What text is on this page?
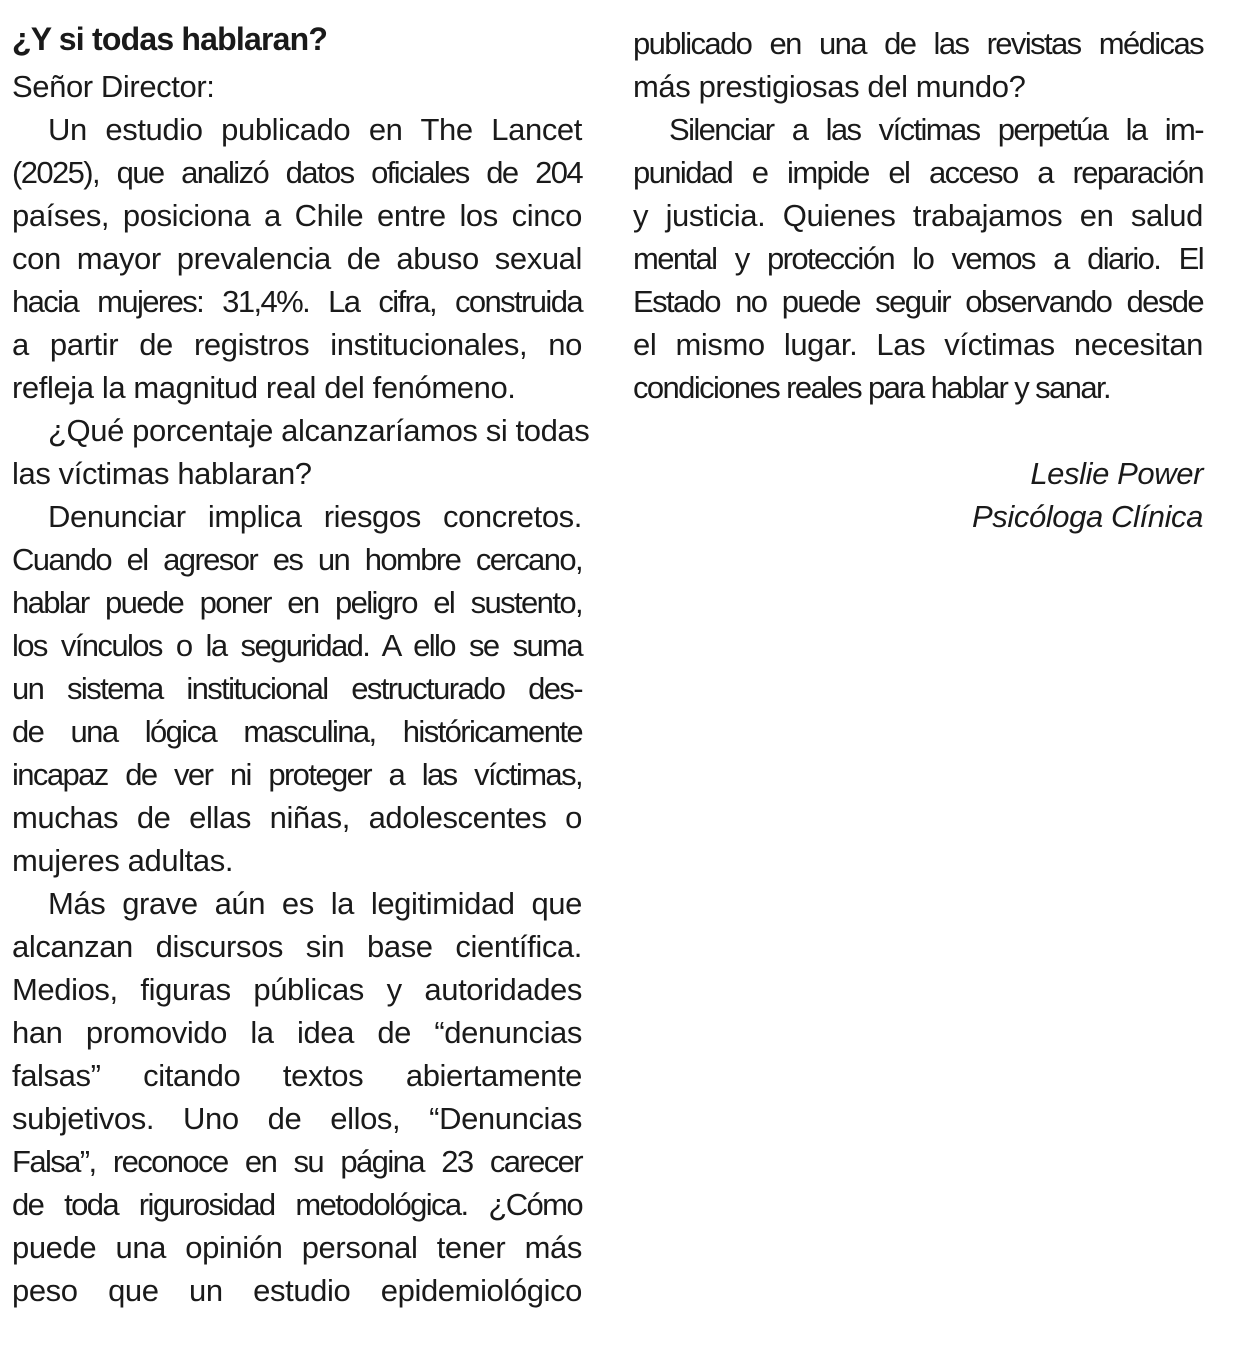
¿Y si todas hablaran?
Señor Director:
Un estudio publicado en The Lancet
(2025), que analizó datos oficiales de 204
países, posiciona a Chile entre los cinco
con mayor prevalencia de abuso sexual
hacia mujeres: 31,4%. La cifra, construida
a partir de registros institucionales, no
refleja la magnitud real del fenómeno.
¿Qué porcentaje alcanzaríamos si todas
las víctimas hablaran?
Denunciar implica riesgos concretos.
Cuando el agresor es un hombre cercano,
hablar puede poner en peligro el sustento,
los vínculos o la seguridad. A ello se suma
un sistema institucional estructurado des-
de una lógica masculina, históricamente
incapaz de ver ni proteger a las víctimas,
muchas de ellas niñas, adolescentes o
mujeres adultas.
Más grave aún es la legitimidad que
alcanzan discursos sin base científica.
Medios, figuras públicas y autoridades
han promovido la idea de “denuncias
falsas” citando textos abiertamente
subjetivos. Uno de ellos, “Denuncias
Falsa”, reconoce en su página 23 carecer
de toda rigurosidad metodológica. ¿Cómo
puede una opinión personal tener más
peso que un estudio epidemiológico
publicado en una de las revistas médicas
más prestigiosas del mundo?
Silenciar a las víctimas perpetúa la im-
punidad e impide el acceso a reparación
y justicia. Quienes trabajamos en salud
mental y protección lo vemos a diario. El
Estado no puede seguir observando desde
el mismo lugar. Las víctimas necesitan
condiciones reales para hablar y sanar.
Leslie Power
Psicóloga Clínica
